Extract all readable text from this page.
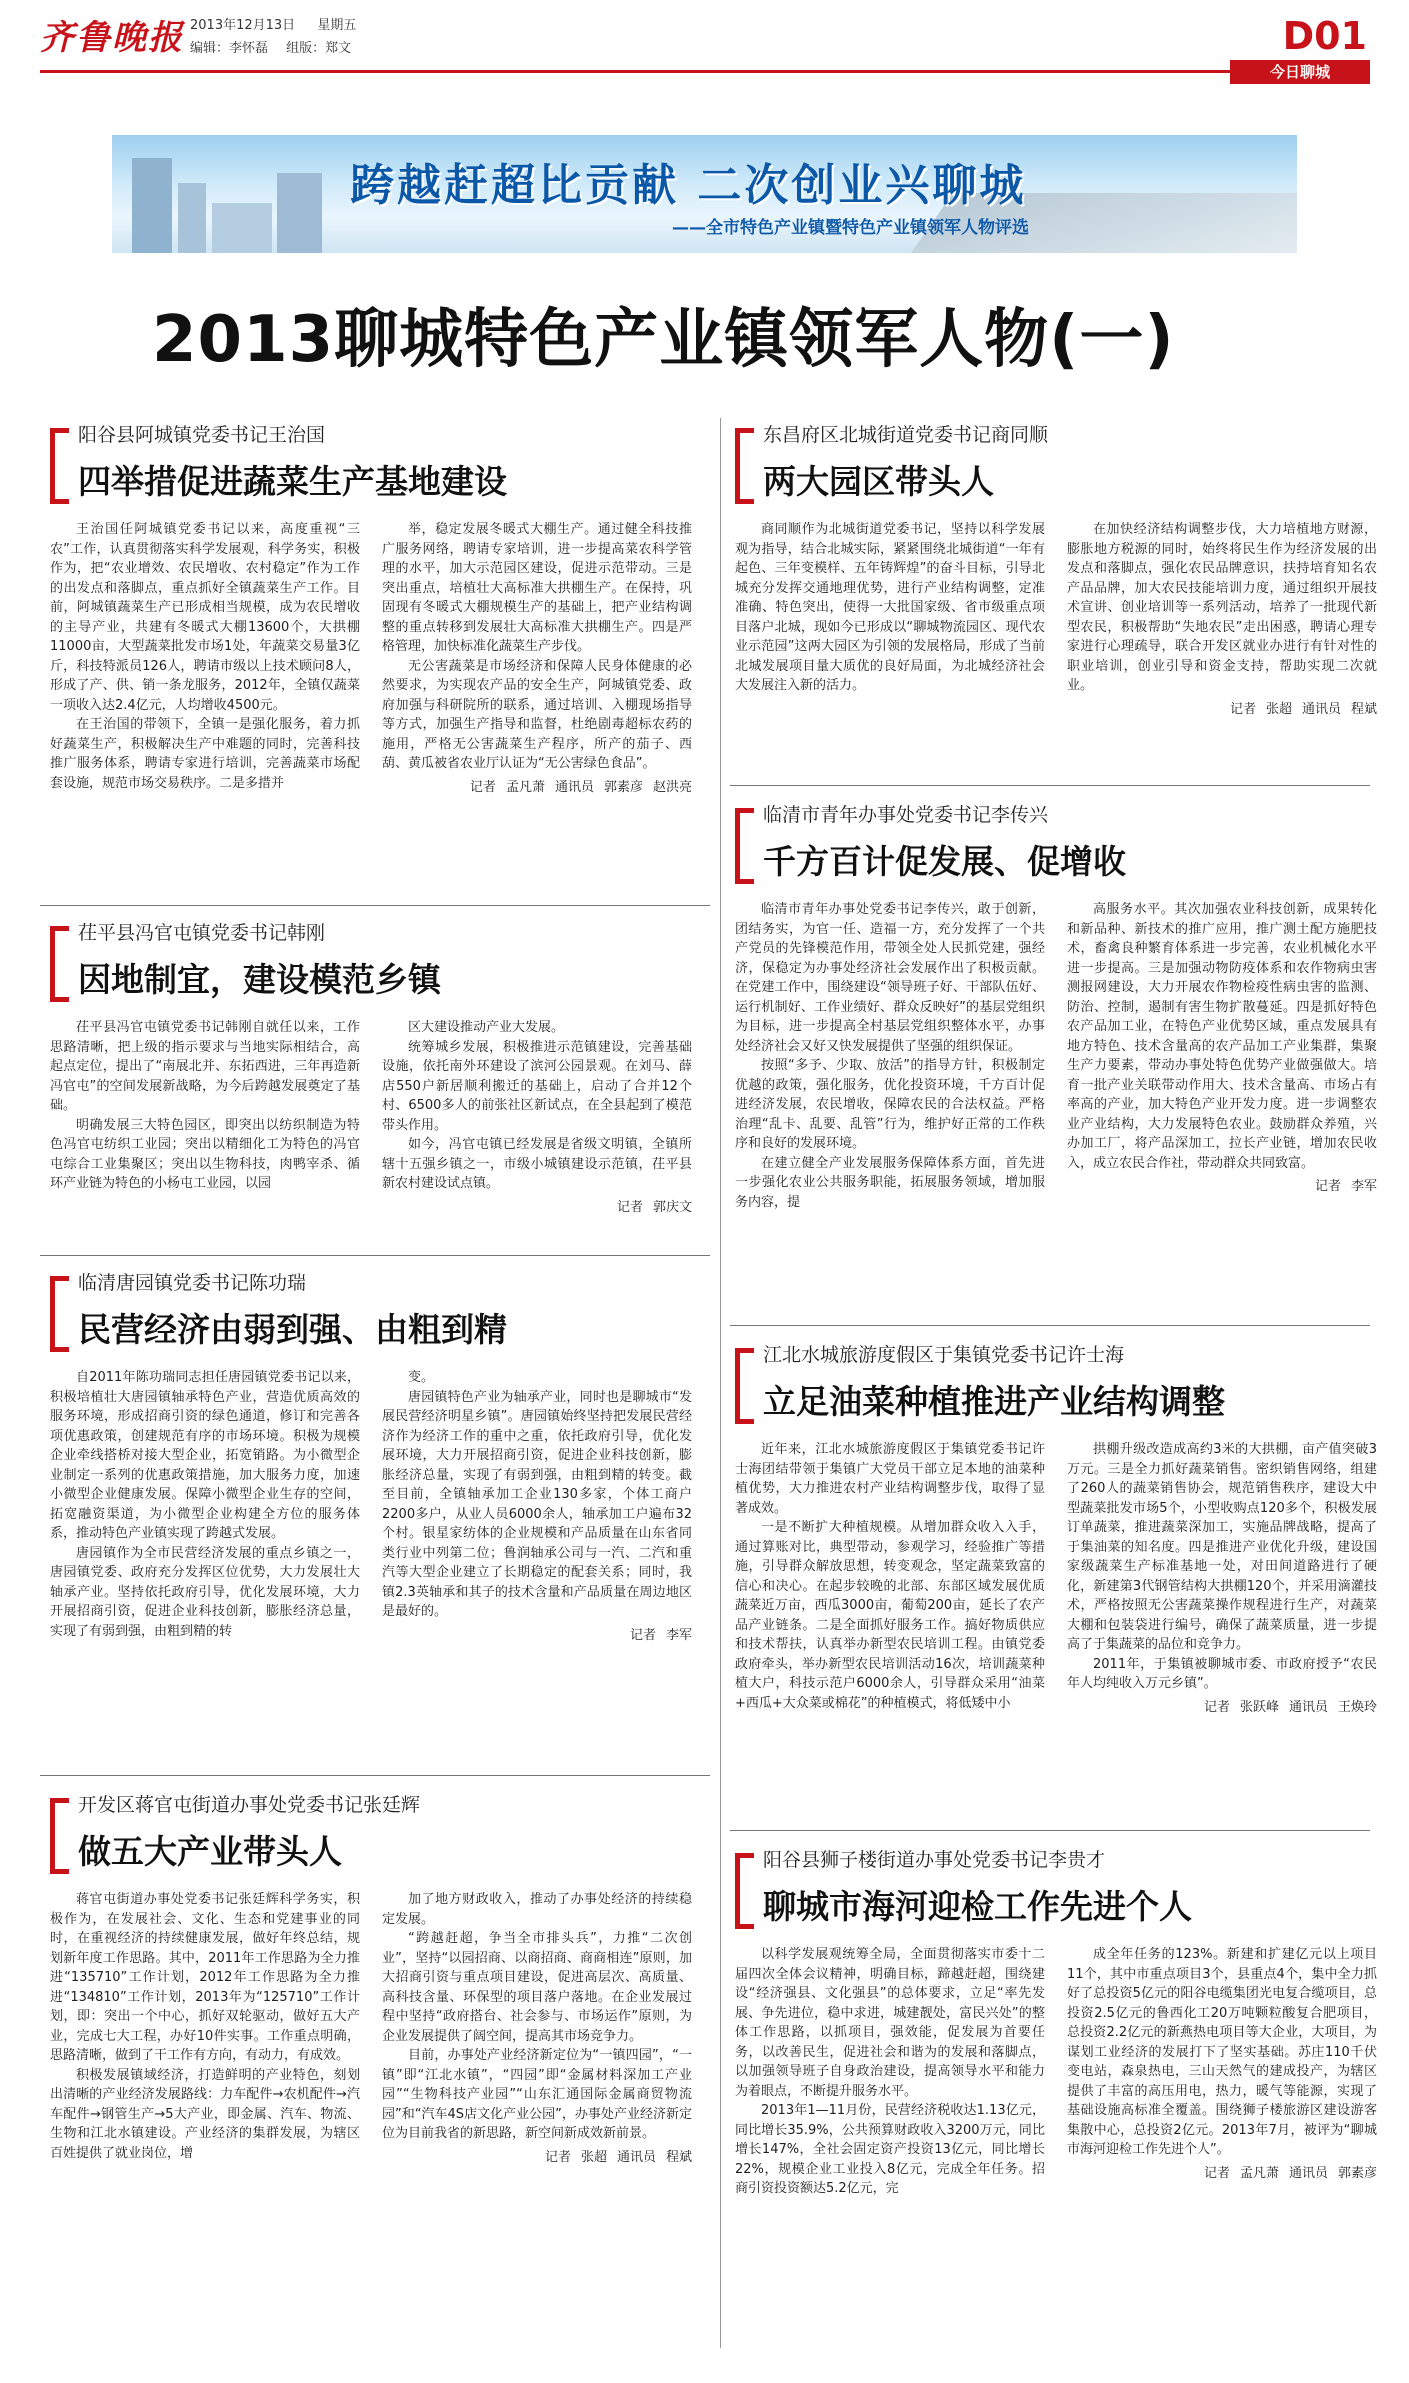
齐鲁晚报 2013年12月13日 星期五
编辑：李怀磊 组版：郑文	D01
今日聊城
跨越赶超比贡献 二次创业兴聊城
——全市特色产业镇暨特色产业镇领军人物评选
2013聊城特色产业镇领军人物(一)
阳谷县阿城镇党委书记王治国
四举措促进蔬菜生产基地建设

王治国任阿城镇党委书记以来，高度重视“三农”工作，认真贯彻落实科学发展观，科学务实，积极作为，把“农业增效、农民增收、农村稳定”作为工作的出发点和落脚点，重点抓好全镇蔬菜生产工作。目前，阿城镇蔬菜生产已形成相当规模，成为农民增收的主导产业，共建有冬暖式大棚13600个，大拱棚11000亩，大型蔬菜批发市场1处，年蔬菜交易量3亿斤，科技特派员126人，聘请市级以上技术顾问8人，形成了产、供、销一条龙服务，2012年，全镇仅蔬菜一项收入达2.4亿元，人均增收4500元。

在王治国的带领下，全镇一是强化服务，着力抓好蔬菜生产，积极解决生产中难题的同时，完善科技推广服务体系，聘请专家进行培训，完善蔬菜市场配套设施，规范市场交易秩序。二是多措并

举，稳定发展冬暖式大棚生产。通过健全科技推广服务网络，聘请专家培训，进一步提高菜农科学管理的水平，加大示范园区建设，促进示范带动。三是突出重点，培植壮大高标准大拱棚生产。在保持，巩固现有冬暖式大棚规模生产的基础上，把产业结构调整的重点转移到发展壮大高标准大拱棚生产。四是严格管理，加快标准化蔬菜生产步伐。

无公害蔬菜是市场经济和保障人民身体健康的必然要求，为实现农产品的安全生产，阿城镇党委、政府加强与科研院所的联系，通过培训、入棚现场指导等方式，加强生产指导和监督，杜绝剧毒超标农药的施用，严格无公害蔬菜生产程序，所产的茄子、西葫、黄瓜被省农业厅认证为“无公害绿色食品”。

记者 孟凡萧 通讯员 郭素彦 赵洪亮

东昌府区北城街道党委书记商同顺
两大园区带头人

商同顺作为北城街道党委书记，坚持以科学发展观为指导，结合北城实际，紧紧围绕北城街道“一年有起色、三年变模样、五年铸辉煌”的奋斗目标，引导北城充分发挥交通地理优势，进行产业结构调整，定准准确、特色突出，使得一大批国家级、省市级重点项目落户北城，现如今已形成以“聊城物流园区、现代农业示范园”这两大园区为引领的发展格局，形成了当前北城发展项目量大质优的良好局面，为北城经济社会大发展注入新的活力。

在加快经济结构调整步伐，大力培植地方财源，膨胀地方税源的同时，始终将民生作为经济发展的出发点和落脚点，强化农民品牌意识，扶持培育知名农产品品牌，加大农民技能培训力度，通过组织开展技术宣讲、创业培训等一系列活动，培养了一批现代新型农民，积极帮助“失地农民”走出困惑，聘请心理专家进行心理疏导，联合开发区就业办进行有针对性的职业培训，创业引导和资金支持，帮助实现二次就业。

记者 张超 通讯员 程斌

临清市青年办事处党委书记李传兴
千方百计促发展、促增收

临清市青年办事处党委书记李传兴，敢于创新，团结务实，为官一任、造福一方，充分发挥了一个共产党员的先锋模范作用，带领全处人民抓党建，强经济，保稳定为办事处经济社会发展作出了积极贡献。在党建工作中，围绕建设“领导班子好、干部队伍好、运行机制好、工作业绩好、群众反映好”的基层党组织为目标，进一步提高全村基层党组织整体水平，办事处经济社会又好又快发展提供了坚强的组织保证。

按照“多予、少取、放活”的指导方针，积极制定优越的政策，强化服务，优化投资环境，千方百计促进经济发展，农民增收，保障农民的合法权益。严格治理“乱卡、乱要、乱管”行为，维护好正常的工作秩序和良好的发展环境。

在建立健全产业发展服务保障体系方面，首先进一步强化农业公共服务职能，拓展服务领域，增加服务内容，提

高服务水平。其次加强农业科技创新，成果转化和新品种、新技术的推广应用，推广测土配方施肥技术，畜禽良种繁育体系进一步完善，农业机械化水平进一步提高。三是加强动物防疫体系和农作物病虫害测报网建设，大力开展农作物检疫性病虫害的监测、防治、控制，遏制有害生物扩散蔓延。四是抓好特色农产品加工业，在特色产业优势区域，重点发展具有地方特色、技术含量高的农产品加工产业集群，集聚生产力要素，带动办事处特色优势产业做强做大。培育一批产业关联带动作用大、技术含量高、市场占有率高的产业，加大特色产业开发力度。进一步调整农业产业结构，大力发展特色农业。鼓励群众养殖，兴办加工厂，将产品深加工，拉长产业链，增加农民收入，成立农民合作社，带动群众共同致富。

记者 李军

茌平县冯官屯镇党委书记韩刚
因地制宜，建设模范乡镇

茌平县冯官屯镇党委书记韩刚自就任以来，工作思路清晰，把上级的指示要求与当地实际相结合，高起点定位，提出了“南展北并、东拓西进，三年再造新冯官屯”的空间发展新战略，为今后跨越发展奠定了基础。

明确发展三大特色园区，即突出以纺织制造为特色冯官屯纺织工业园；突出以精细化工为特色的冯官屯综合工业集聚区；突出以生物科技，肉鸭宰杀、循环产业链为特色的小杨屯工业园，以园

区大建设推动产业大发展。

统筹城乡发展，积极推进示范镇建设，完善基础设施，依托南外环建设了滨河公园景观。在刘马、薛店550户新居顺利搬迁的基础上，启动了合并12个村、6500多人的前张社区新试点，在全县起到了模范带头作用。

如今，冯官屯镇已经发展是省级文明镇，全镇所辖十五强乡镇之一，市级小城镇建设示范镇，茌平县新农村建设试点镇。

记者 郭庆文

江北水城旅游度假区于集镇党委书记许士海
立足油菜种植推进产业结构调整

近年来，江北水城旅游度假区于集镇党委书记许士海团结带领于集镇广大党员干部立足本地的油菜种植优势，大力推进农村产业结构调整步伐，取得了显著成效。

一是不断扩大种植规模。从增加群众收入入手，通过算账对比，典型带动，参观学习，经验推广等措施，引导群众解放思想，转变观念，坚定蔬菜致富的信心和决心。在起步较晚的北部、东部区域发展优质蔬菜近万亩，西瓜3000亩，葡萄200亩，延长了农产品产业链条。二是全面抓好服务工作。搞好物质供应和技术帮扶，认真举办新型农民培训工程。由镇党委政府牵头，举办新型农民培训活动16次，培训蔬菜种植大户，科技示范户6000余人，引导群众采用“油菜+西瓜+大众菜或棉花”的种植模式，将低矮中小

拱棚升级改造成高约3米的大拱棚，亩产值突破3万元。三是全力抓好蔬菜销售。密织销售网络，组建了260人的蔬菜销售协会，规范销售秩序，建设大中型蔬菜批发市场5个，小型收购点120多个，积极发展订单蔬菜，推进蔬菜深加工，实施品牌战略，提高了于集油菜的知名度。四是推进产业优化升级，建设国家级蔬菜生产标准基地一处，对田间道路进行了硬化，新建第3代钢管结构大拱棚120个，并采用滴灌技术，严格按照无公害蔬菜操作规程进行生产，对蔬菜大棚和包装袋进行编号，确保了蔬菜质量，进一步提高了于集蔬菜的品位和竞争力。

2011年，于集镇被聊城市委、市政府授予“农民年人均纯收入万元乡镇”。

记者 张跃峰 通讯员 王焕玲

临清唐园镇党委书记陈功瑞
民营经济由弱到强、由粗到精

自2011年陈功瑞同志担任唐园镇党委书记以来，积极培植壮大唐园镇轴承特色产业，营造优质高效的服务环境，形成招商引资的绿色通道，修订和完善各项优惠政策，创建规范有序的市场环境。积极为规模企业牵线搭桥对接大型企业，拓宽销路。为小微型企业制定一系列的优惠政策措施，加大服务力度，加速小微型企业健康发展。保障小微型企业生存的空间，拓宽融资渠道，为小微型企业构建全方位的服务体系，推动特色产业镇实现了跨越式发展。

唐园镇作为全市民营经济发展的重点乡镇之一，唐园镇党委、政府充分发挥区位优势，大力发展壮大轴承产业。坚持依托政府引导，优化发展环境，大力开展招商引资，促进企业科技创新，膨胀经济总量，实现了有弱到强，由粗到精的转

变。

唐园镇特色产业为轴承产业，同时也是聊城市“发展民营经济明星乡镇”。唐园镇始终坚持把发展民营经济作为经济工作的重中之重，依托政府引导，优化发展环境，大力开展招商引资，促进企业科技创新，膨胀经济总量，实现了有弱到强，由粗到精的转变。截至目前，全镇轴承加工企业130多家，个体工商户2200多户，从业人员6000余人，轴承加工户遍布32个村。银星家纺体的企业规模和产品质量在山东省同类行业中列第二位；鲁润轴承公司与一汽、二汽和重汽等大型企业建立了长期稳定的配套关系；同时，我镇2.3英轴承和其子的技术含量和产品质量在周边地区是最好的。

记者 李军

开发区蒋官屯街道办事处党委书记张廷辉
做五大产业带头人

蒋官屯街道办事处党委书记张廷辉科学务实，积极作为，在发展社会、文化、生态和党建事业的同时，在重视经济的持续健康发展，做好年终总结，规划新年度工作思路。其中，2011年工作思路为全力推进“135710”工作计划，2012年工作思路为全力推进“134810”工作计划，2013年为“125710”工作计划，即：突出一个中心，抓好双轮驱动，做好五大产业，完成七大工程，办好10件实事。工作重点明确，思路清晰，做到了干工作有方向，有动力，有成效。

积极发展镇域经济，打造鲜明的产业特色，刻划出清晰的产业经济发展路线：力车配件→农机配件→汽车配件→钢管生产→5大产业，即金属、汽车、物流、生物和江北水镇建设。产业经济的集群发展，为辖区百姓提供了就业岗位，增

加了地方财政收入，推动了办事处经济的持续稳定发展。

“跨越赶超，争当全市排头兵”，力推“二次创业”，坚持“以园招商、以商招商、商商相连”原则，加大招商引资与重点项目建设，促进高层次、高质量、高科技含量、环保型的项目落户落地。在企业发展过程中坚持“政府搭台、社会参与、市场运作”原则，为企业发展提供了阔空间，提高其市场竞争力。

目前，办事处产业经济新定位为“一镇四园”，“一镇”即“江北水镇”，“四园”即“金属材料深加工产业园”“生物科技产业园”“山东汇通国际金属商贸物流园”和“汽车4S店文化产业公园”，办事处产业经济新定位为目前我省的新思路，新空间新成效新前景。

记者 张超 通讯员 程斌

阳谷县狮子楼街道办事处党委书记李贵才
聊城市海河迎检工作先进个人

以科学发展观统筹全局，全面贯彻落实市委十二届四次全体会议精神，明确目标，蹄越赶超，围绕建设“经济强县、文化强县”的总体要求，立足“率先发展、争先进位，稳中求进，城建靓处，富民兴处”的整体工作思路，以抓项目，强效能，促发展为首要任务，以改善民生，促进社会和谐为的发展和落脚点，以加强领导班子自身政治建设，提高领导水平和能力为着眼点，不断提升服务水平。

2013年1—11月份，民营经济税收达1.13亿元，同比增长35.9%，公共预算财政收入3200万元，同比增长147%，全社会固定资产投资13亿元，同比增长22%，规模企业工业投入8亿元，完成全年任务。招商引资投资额达5.2亿元，完

成全年任务的123%。新建和扩建亿元以上项目11个，其中市重点项目3个，县重点4个，集中全力抓好了总投资5亿元的阳谷电缆集团光电复合缆项目，总投资2.5亿元的鲁西化工20万吨颗粒酸复合肥项目，总投资2.2亿元的新燕热电项目等大企业，大项目，为谋划工业经济的发展打下了坚实基础。苏庄110千伏变电站，森泉热电，三山天然气的建成投产，为辖区提供了丰富的高压用电，热力，暖气等能源，实现了基础设施高标准全覆盖。围绕狮子楼旅游区建设游客集散中心，总投资2亿元。2013年7月，被评为“聊城市海河迎检工作先进个人”。

记者 孟凡萧 通讯员 郭素彦
